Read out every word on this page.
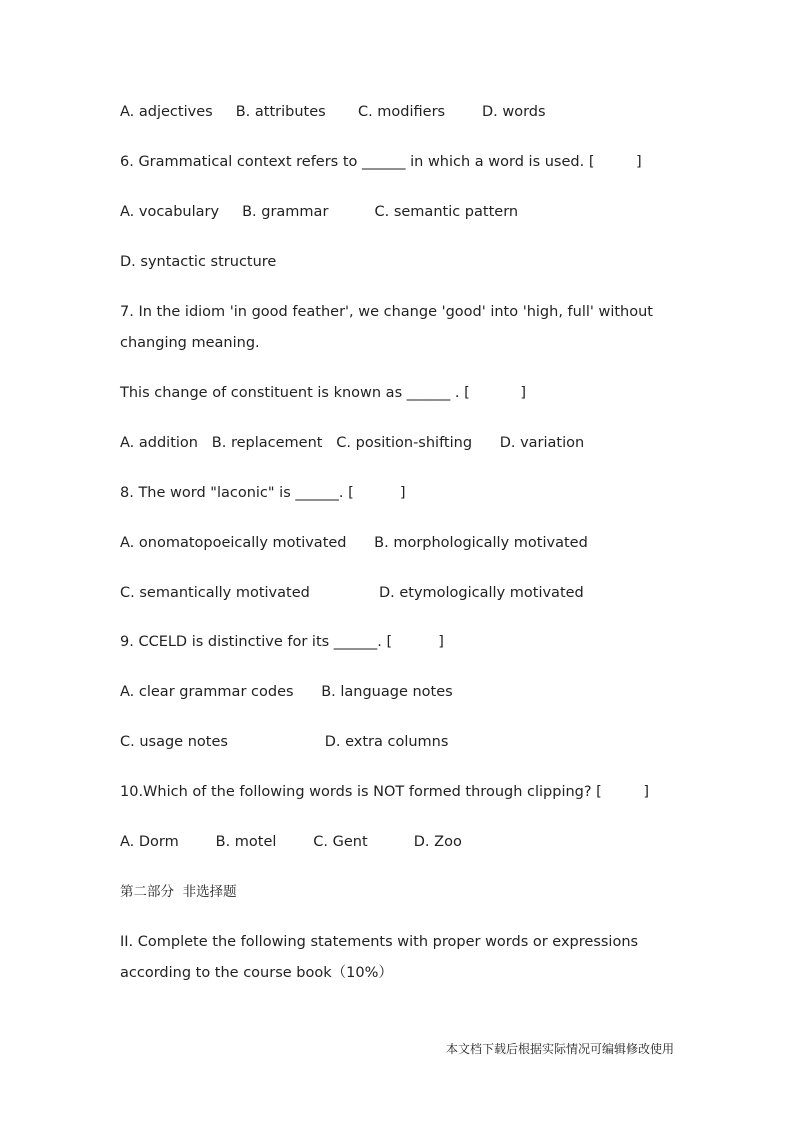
A. adjectives     B. attributes       C. modifiers        D. words
6. Grammatical context refers to ______ in which a word is used. [         ]
A. vocabulary     B. grammar          C. semantic pattern
D. syntactic structure
7. In the idiom 'in good feather', we change 'good' into 'high, full' without
changing meaning.
This change of constituent is known as ______ . [           ]
A. addition   B. replacement   C. position-shifting      D. variation
8. The word "laconic" is ______. [          ]
A. onomatopoeically motivated      B. morphologically motivated
C. semantically motivated               D. etymologically motivated
9. CCELD is distinctive for its ______. [          ]
A. clear grammar codes      B. language notes
C. usage notes                     D. extra columns
10.Which of the following words is NOT formed through clipping? [         ]
A. Dorm        B. motel        C. Gent          D. Zoo
第二部分  非选择题
II. Complete the following statements with proper words or expressions
according to the course book（10%）
本文档下载后根据实际情况可编辑修改使用
